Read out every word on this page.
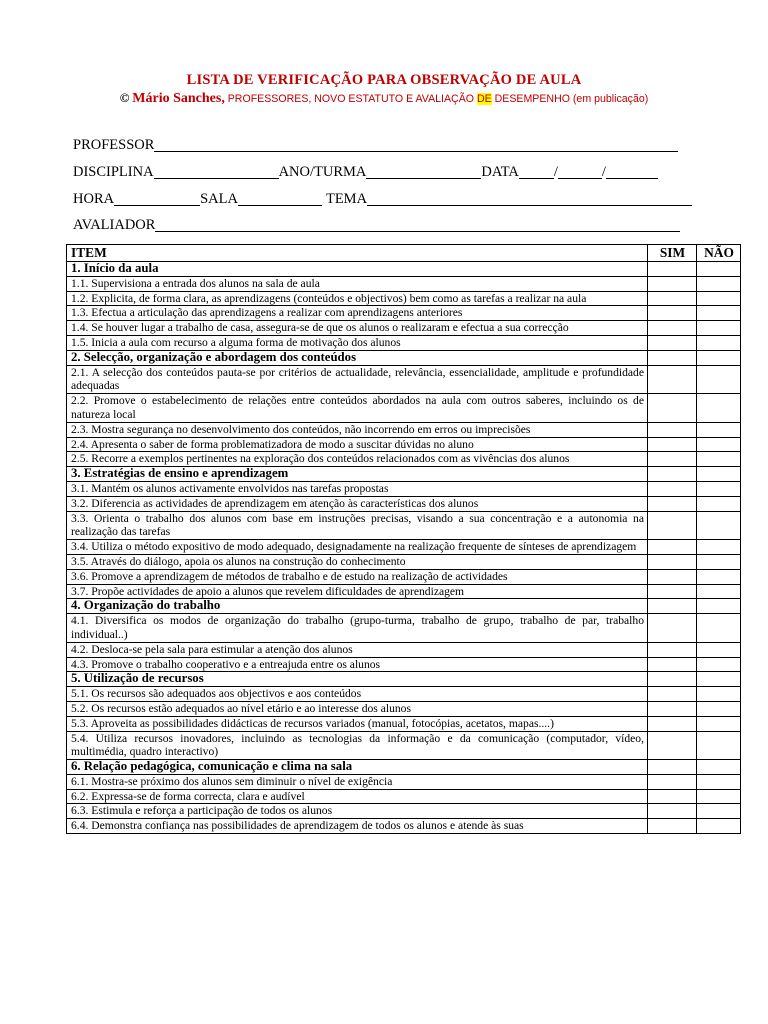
LISTA DE VERIFICAÇÃO PARA OBSERVAÇÃO DE AULA
© Mário Sanches, PROFESSORES, NOVO ESTATUTO E AVALIAÇÃO DE DESEMPENHO (em publicação)
PROFESSOR
DISCIPLINA	ANO/TURMA	DATA /	/
HORA	SALA	TEMA
AVALIADOR
ITEM	SIM	NÃO
1. Início da aula		
1.1. Supervisiona a entrada dos alunos na sala de aula		
1.2. Explicita, de forma clara, as aprendizagens (conteúdos e objectivos) bem como as tarefas a realizar na aula		
1.3. Efectua a articulação das aprendizagens a realizar com aprendizagens anteriores		
1.4. Se houver lugar a trabalho de casa, assegura-se de que os alunos o realizaram e efectua a sua correcção		
1.5. Inicia a aula com recurso a alguma forma de motivação dos alunos		
2. Selecção, organização e abordagem dos conteúdos		
2.1. A selecção dos conteúdos pauta-se por critérios de actualidade, relevância, essencialidade, amplitude e profundidade adequadas		
2.2. Promove o estabelecimento de relações entre conteúdos abordados na aula com outros saberes, incluindo os de natureza local		
2.3. Mostra segurança no desenvolvimento dos conteúdos, não incorrendo em erros ou imprecisões		
2.4. Apresenta o saber de forma problematizadora de modo a suscitar dúvidas no aluno		
2.5. Recorre a exemplos pertinentes na exploração dos conteúdos relacionados com as vivências dos alunos		
3. Estratégias de ensino e aprendizagem		
3.1. Mantém os alunos activamente envolvidos nas tarefas propostas		
3.2. Diferencia as actividades de aprendizagem em atenção às características dos alunos		
3.3. Orienta o trabalho dos alunos com base em instruções precisas, visando a sua concentração e a autonomia na realização das tarefas		
3.4. Utiliza o método expositivo de modo adequado, designadamente na realização frequente de sínteses de aprendizagem		
3.5. Através do diálogo, apoia os alunos na construção do conhecimento		
3.6. Promove a aprendizagem de métodos de trabalho e de estudo na realização de actividades		
3.7. Propõe actividades de apoio a alunos que revelem dificuldades de aprendizagem		
4. Organização do trabalho		
4.1. Diversifica os modos de organização do trabalho (grupo-turma, trabalho de grupo, trabalho de par, trabalho individual..)		
4.2. Desloca-se pela sala para estimular a atenção dos alunos		
4.3. Promove o trabalho cooperativo e a entreajuda entre os alunos		
5. Utilização de recursos		
5.1. Os recursos são adequados aos objectivos e aos conteúdos		
5.2. Os recursos estão adequados ao nível etário e ao interesse dos alunos		
5.3. Aproveita as possibilidades didácticas de recursos variados (manual, fotocópias, acetatos, mapas....)		
5.4. Utiliza recursos inovadores, incluindo as tecnologias da informação e da comunicação (computador, vídeo, multimédia, quadro interactivo)		
6. Relação pedagógica, comunicação e clima na sala		
6.1. Mostra-se próximo dos alunos sem diminuir o nível de exigência		
6.2. Expressa-se de forma correcta, clara e audível		
6.3. Estimula e reforça a participação de todos os alunos		
6.4. Demonstra confiança nas possibilidades de aprendizagem de todos os alunos e atende às suas		
